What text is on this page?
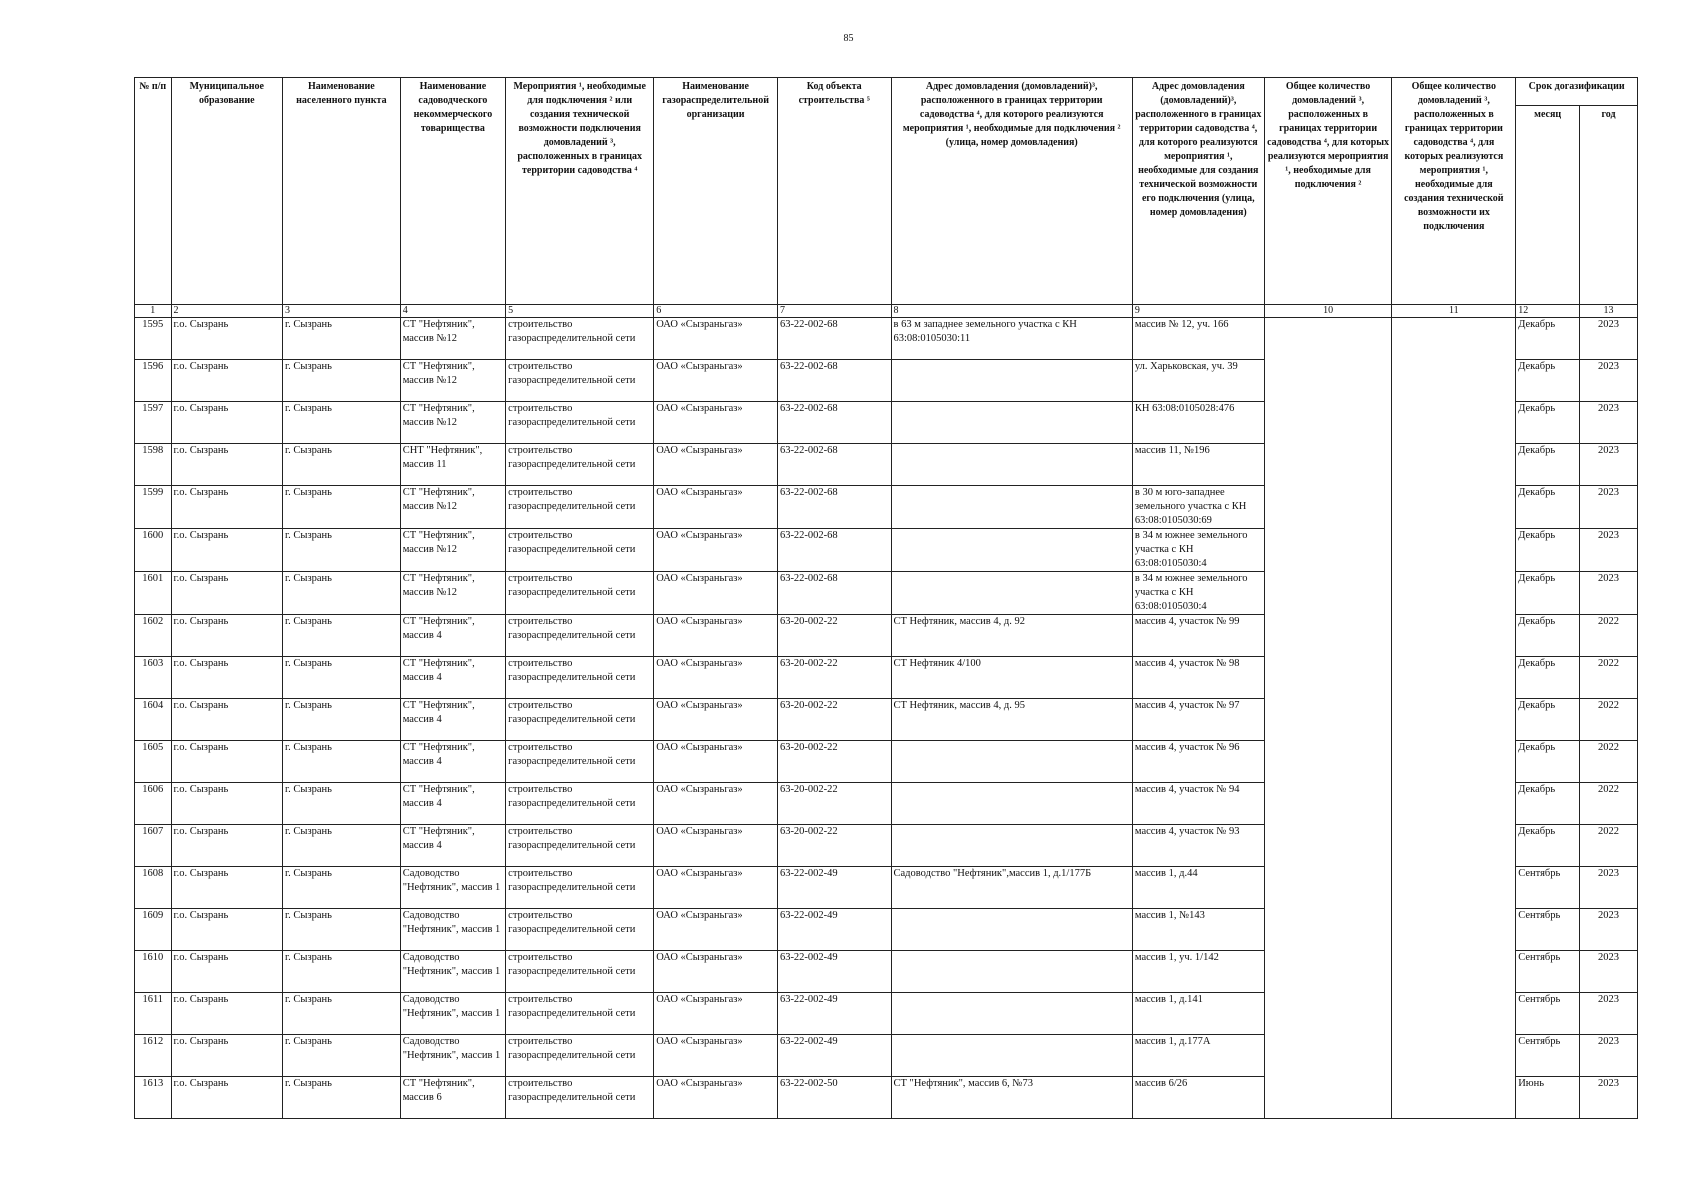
85
№ п/п	Муниципальное образование	Наименование населенного пункта	Наименование садоводческого некоммерческого товарищества	Мероприятия ¹, необходимые для подключения ² или создания технической возможности подключения домовладений ³, расположенных в границах территории садоводства ⁴	Наименование газораспределительной организации	Код объекта строительства ⁵	Адрес домовладения (домовладений)³, расположенного в границах территории садоводства ⁴, для которого реализуются мероприятия ¹, необходимые для подключения ² (улица, номер домовладения)	Адрес домовладения (домовладений)³, расположенного в границах территории садоводства ⁴, для которого реализуются мероприятия ¹, необходимые для создания технической возможности его подключения (улица, номер домовладения)	Общее количество домовладений ³, расположенных в границах территории садоводства ⁴, для которых реализуются мероприятия ¹, необходимые для подключения ²	Общее количество домовладений ³, расположенных в границах территории садоводства ⁴, для которых реализуются мероприятия ¹, необходимые для создания технической возможности их подключения	Срок догазификации	
											месяц	год
1	2	3	4	5	6	7	8	9	10	11	12	13
1595	г.о. Сызрань	г. Сызрань	СТ "Нефтяник", массив №12	строительство газораспределительной сети	ОАО «Сызраньгаз»	63-22-002-68	в 63 м западнее земельного участка с КН 63:08:0105030:11	массив № 12, уч. 166			Декабрь	2023
1596	г.о. Сызрань	г. Сызрань	СТ "Нефтяник", массив №12	строительство газораспределительной сети	ОАО «Сызраньгаз»	63-22-002-68		ул. Харьковская, уч. 39			Декабрь	2023
1597	г.о. Сызрань	г. Сызрань	СТ "Нефтяник", массив №12	строительство газораспределительной сети	ОАО «Сызраньгаз»	63-22-002-68		КН 63:08:0105028:476			Декабрь	2023
1598	г.о. Сызрань	г. Сызрань	СНТ "Нефтяник", массив 11	строительство газораспределительной сети	ОАО «Сызраньгаз»	63-22-002-68		массив 11, №196			Декабрь	2023
1599	г.о. Сызрань	г. Сызрань	СТ "Нефтяник", массив №12	строительство газораспределительной сети	ОАО «Сызраньгаз»	63-22-002-68		в 30 м юго-западнее земельного участка с КН 63:08:0105030:69			Декабрь	2023
1600	г.о. Сызрань	г. Сызрань	СТ "Нефтяник", массив №12	строительство газораспределительной сети	ОАО «Сызраньгаз»	63-22-002-68		в 34 м южнее земельного участка с КН 63:08:0105030:4			Декабрь	2023
1601	г.о. Сызрань	г. Сызрань	СТ "Нефтяник", массив №12	строительство газораспределительной сети	ОАО «Сызраньгаз»	63-22-002-68		в 34 м южнее земельного участка с КН 63:08:0105030:4			Декабрь	2023
1602	г.о. Сызрань	г. Сызрань	СТ "Нефтяник", массив 4	строительство газораспределительной сети	ОАО «Сызраньгаз»	63-20-002-22	СТ Нефтяник, массив 4, д. 92	массив 4, участок № 99			Декабрь	2022
1603	г.о. Сызрань	г. Сызрань	СТ "Нефтяник", массив 4	строительство газораспределительной сети	ОАО «Сызраньгаз»	63-20-002-22	СТ Нефтяник 4/100	массив 4, участок № 98			Декабрь	2022
1604	г.о. Сызрань	г. Сызрань	СТ "Нефтяник", массив 4	строительство газораспределительной сети	ОАО «Сызраньгаз»	63-20-002-22	СТ Нефтяник, массив 4, д. 95	массив 4, участок № 97			Декабрь	2022
1605	г.о. Сызрань	г. Сызрань	СТ "Нефтяник", массив 4	строительство газораспределительной сети	ОАО «Сызраньгаз»	63-20-002-22		массив 4, участок № 96			Декабрь	2022
1606	г.о. Сызрань	г. Сызрань	СТ "Нефтяник", массив 4	строительство газораспределительной сети	ОАО «Сызраньгаз»	63-20-002-22		массив 4, участок № 94			Декабрь	2022
1607	г.о. Сызрань	г. Сызрань	СТ "Нефтяник", массив 4	строительство газораспределительной сети	ОАО «Сызраньгаз»	63-20-002-22		массив 4, участок № 93			Декабрь	2022
1608	г.о. Сызрань	г. Сызрань	Садоводство "Нефтяник", массив 1	строительство газораспределительной сети	ОАО «Сызраньгаз»	63-22-002-49	Садоводство "Нефтяник",массив 1, д.1/177Б	массив 1, д.44			Сентябрь	2023
1609	г.о. Сызрань	г. Сызрань	Садоводство "Нефтяник", массив 1	строительство газораспределительной сети	ОАО «Сызраньгаз»	63-22-002-49		массив 1, №143			Сентябрь	2023
1610	г.о. Сызрань	г. Сызрань	Садоводство "Нефтяник", массив 1	строительство газораспределительной сети	ОАО «Сызраньгаз»	63-22-002-49		массив 1, уч. 1/142			Сентябрь	2023
1611	г.о. Сызрань	г. Сызрань	Садоводство "Нефтяник", массив 1	строительство газораспределительной сети	ОАО «Сызраньгаз»	63-22-002-49		массив 1, д.141			Сентябрь	2023
1612	г.о. Сызрань	г. Сызрань	Садоводство "Нефтяник", массив 1	строительство газораспределительной сети	ОАО «Сызраньгаз»	63-22-002-49		массив 1, д.177А			Сентябрь	2023
1613	г.о. Сызрань	г. Сызрань	СТ "Нефтяник", массив 6	строительство газораспределительной сети	ОАО «Сызраньгаз»	63-22-002-50	СТ "Нефтяник", массив 6, №73	массив 6/26			Июнь	2023
